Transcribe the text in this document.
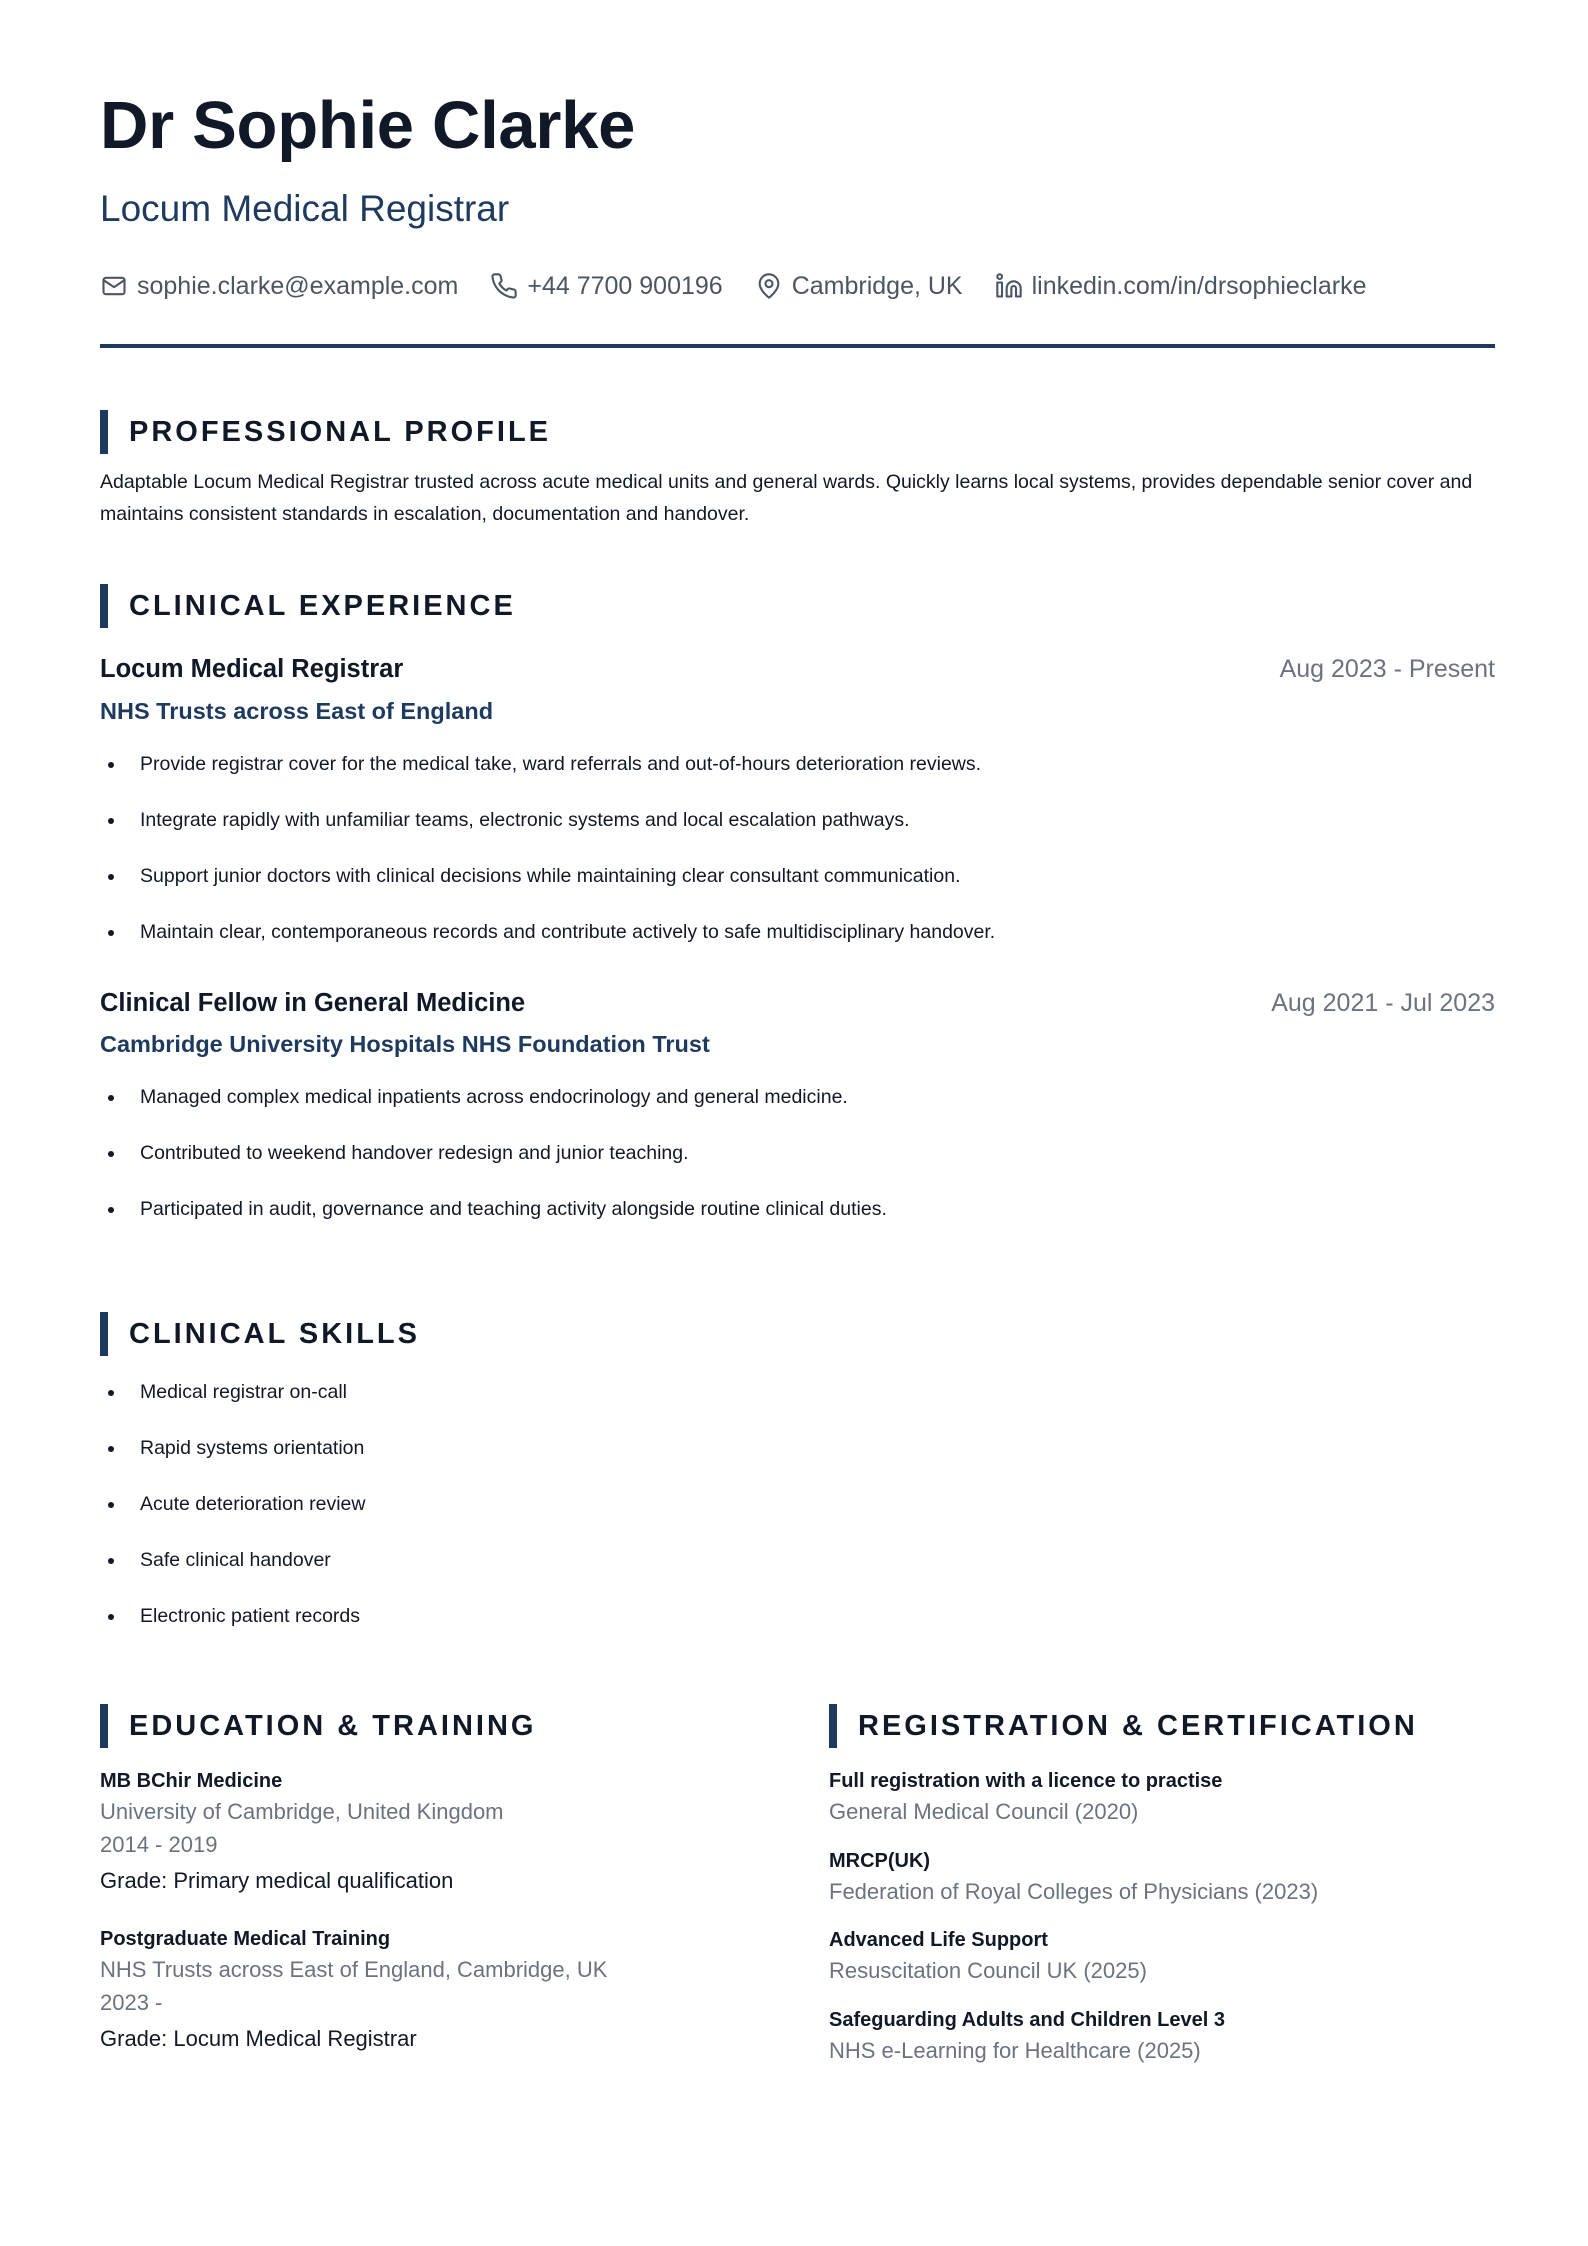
Dr Sophie Clarke
Locum Medical Registrar
sophie.clarke@example.com	+44 7700 900196	Cambridge, UK	linkedin.com/in/drsophieclarke
PROFESSIONAL PROFILE

Adaptable Locum Medical Registrar trusted across acute medical units and general wards. Quickly learns local systems, provides dependable senior cover and maintains consistent standards in escalation, documentation and handover.

CLINICAL EXPERIENCE
Locum Medical Registrar	Aug 2023 - Present
NHS Trusts across East of England
Provide registrar cover for the medical take, ward referrals and out-of-hours deterioration reviews.
Integrate rapidly with unfamiliar teams, electronic systems and local escalation pathways.
Support junior doctors with clinical decisions while maintaining clear consultant communication.
Maintain clear, contemporaneous records and contribute actively to safe multidisciplinary handover.
Clinical Fellow in General Medicine	Aug 2021 - Jul 2023
Cambridge University Hospitals NHS Foundation Trust
Managed complex medical inpatients across endocrinology and general medicine.
Contributed to weekend handover redesign and junior teaching.
Participated in audit, governance and teaching activity alongside routine clinical duties.
CLINICAL SKILLS
Medical registrar on-call
Rapid systems orientation
Acute deterioration review
Safe clinical handover
Electronic patient records
EDUCATION & TRAINING
MB BChir Medicine
University of Cambridge, United Kingdom
2014 - 2019
Grade: Primary medical qualification
Postgraduate Medical Training
NHS Trusts across East of England, Cambridge, UK
2023 -
Grade: Locum Medical Registrar
REGISTRATION & CERTIFICATION
Full registration with a licence to practise
General Medical Council (2020)
MRCP(UK)
Federation of Royal Colleges of Physicians (2023)
Advanced Life Support
Resuscitation Council UK (2025)
Safeguarding Adults and Children Level 3
NHS e-Learning for Healthcare (2025)
